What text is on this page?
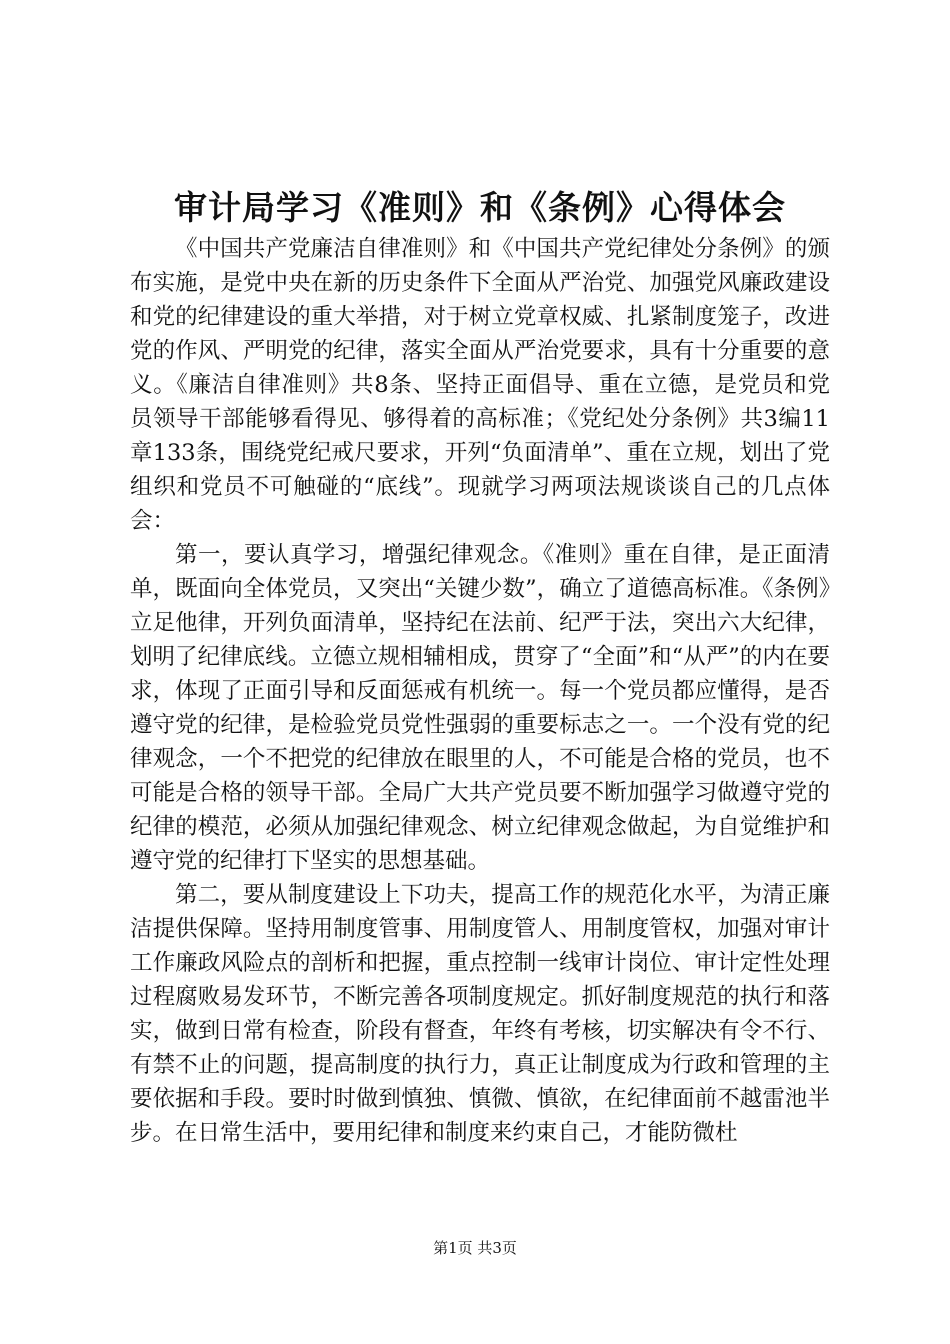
审计局学习《准则》和《条例》心得体会

《中国共产党廉洁自律准则》和《中国共产党纪律处分条例》的颁布实施，是党中央在新的历史条件下全面从严治党、加强党风廉政建设和党的纪律建设的重大举措，对于树立党章权威、扎紧制度笼子，改进党的作风、严明党的纪律，落实全面从严治党要求，具有十分重要的意义。《廉洁自律准则》共8条、坚持正面倡导、重在立德，是党员和党员领导干部能够看得见、够得着的高标准；《党纪处分条例》共3编11章133条，围绕党纪戒尺要求，开列“负面清单”、重在立规，划出了党组织和党员不可触碰的“底线”。现就学习两项法规谈谈自己的几点体会：

第一，要认真学习，增强纪律观念。《准则》重在自律，是正面清单，既面向全体党员，又突出“关键少数”，确立了道德高标准。《条例》立足他律，开列负面清单，坚持纪在法前、纪严于法，突出六大纪律，划明了纪律底线。立德立规相辅相成，贯穿了“全面”和“从严”的内在要求，体现了正面引导和反面惩戒有机统一。每一个党员都应懂得，是否遵守党的纪律，是检验党员党性强弱的重要标志之一。一个没有党的纪律观念，一个不把党的纪律放在眼里的人，不可能是合格的党员，也不可能是合格的领导干部。全局广大共产党员要不断加强学习做遵守党的纪律的模范，必须从加强纪律观念、树立纪律观念做起，为自觉维护和遵守党的纪律打下坚实的思想基础。

第二，要从制度建设上下功夫，提高工作的规范化水平，为清正廉洁提供保障。坚持用制度管事、用制度管人、用制度管权，加强对审计工作廉政风险点的剖析和把握，重点控制一线审计岗位、审计定性处理过程腐败易发环节，不断完善各项制度规定。抓好制度规范的执行和落实，做到日常有检查，阶段有督查，年终有考核，切实解决有令不行、有禁不止的问题，提高制度的执行力，真正让制度成为行政和管理的主要依据和手段。要时时做到慎独、慎微、慎欲，在纪律面前不越雷池半步。在日常生活中，要用纪律和制度来约束自己，才能防微杜

第1页 共3页
